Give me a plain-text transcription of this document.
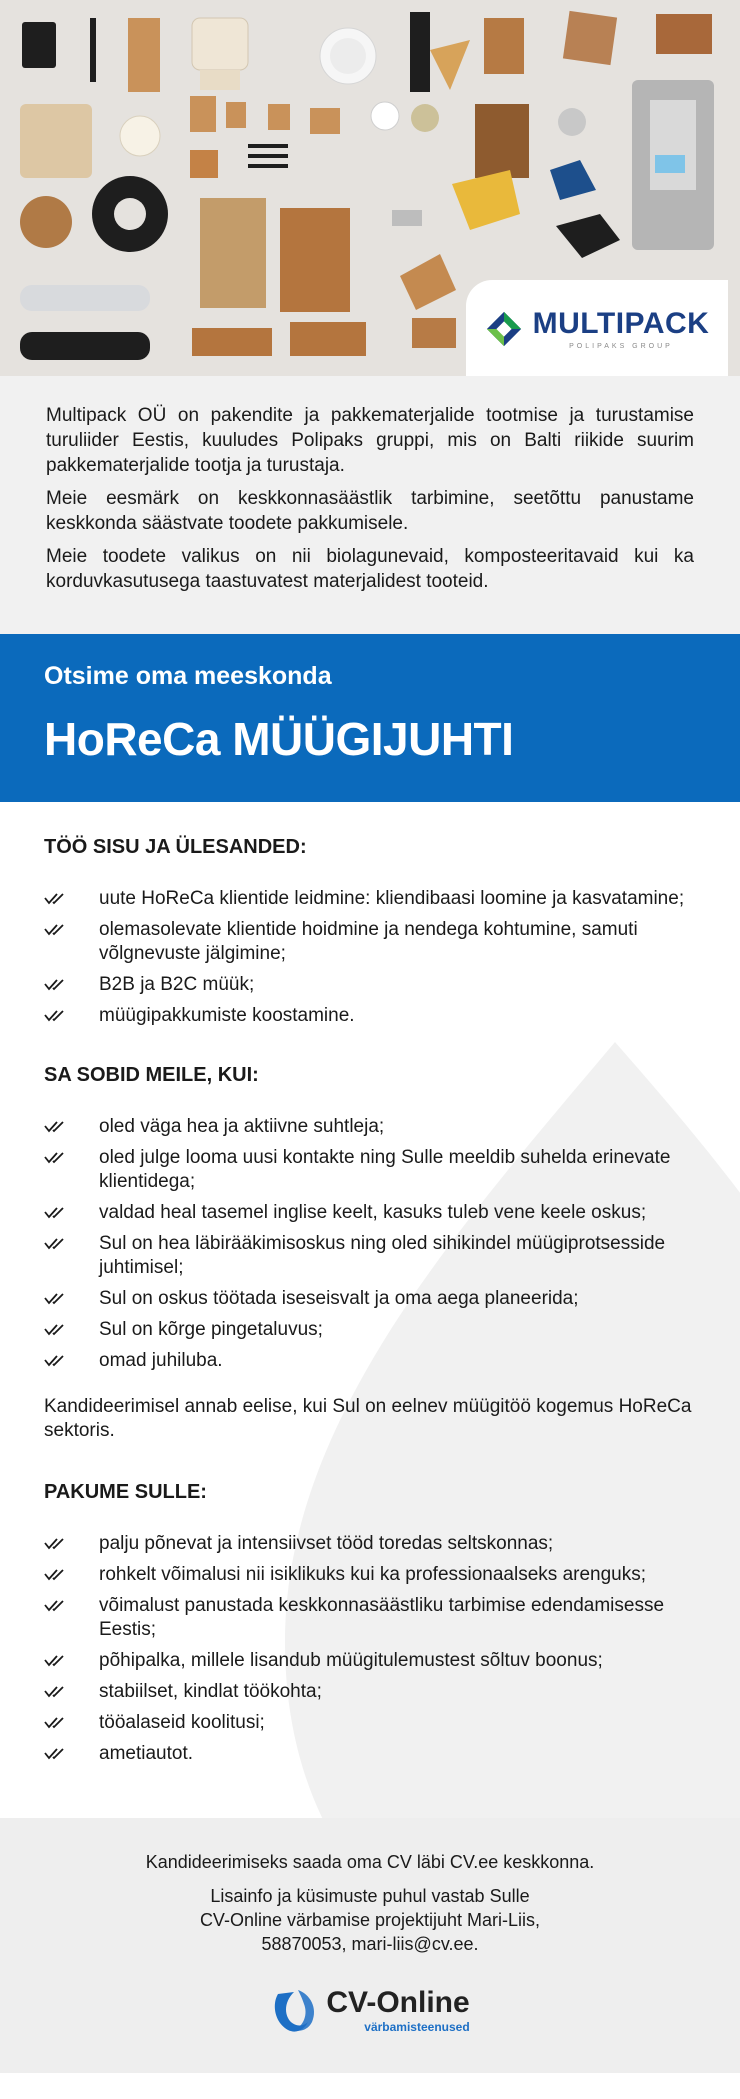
MULTIPACK
POLIPAKS GROUP

Multipack OÜ on pakendite ja pakkematerjalide tootmise ja turustamise turuliider Eestis, kuuludes Polipaks gruppi, mis on Balti riikide suurim pakkematerjalide tootja ja turustaja.

Meie eesmärk on keskkonnasäästlik tarbimine, seetõttu panustame keskkonda säästvate toodete pakkumisele.

Meie toodete valikus on nii biolagunevaid, komposteeritavaid kui ka korduvkasutusega taastuvatest materjalidest tooteid.

Otsime oma meeskonda
HoReCa MÜÜGIJUHTI
TÖÖ SISU JA ÜLESANDED:
uute HoReCa klientide leidmine: kliendibaasi loomine ja kasvatamine;
olemasolevate klientide hoidmine ja nendega kohtumine, samuti võlgnevuste jälgimine;
B2B ja B2C müük;
müügipakkumiste koostamine.
SA SOBID MEILE, KUI:
oled väga hea ja aktiivne suhtleja;
oled julge looma uusi kontakte ning Sulle meeldib suhelda erinevate klientidega;
valdad heal tasemel inglise keelt, kasuks tuleb vene keele oskus;
Sul on hea läbirääkimisoskus ning oled sihikindel müügiprotsesside juhtimisel;
Sul on oskus töötada iseseisvalt ja oma aega planeerida;
Sul on kõrge pingetaluvus;
omad juhiluba.

Kandideerimisel annab eelise, kui Sul on eelnev müügitöö kogemus HoReCa sektoris.

PAKUME SULLE:
palju põnevat ja intensiivset tööd toredas seltskonnas;
rohkelt võimalusi nii isiklikuks kui ka professionaalseks arenguks;
võimalust panustada keskkonnasäästliku tarbimise edendamisesse Eestis;
põhipalka, millele lisandub müügitulemustest sõltuv boonus;
stabiilset, kindlat töökohta;
tööalaseid koolitusi;
ametiautot.

Kandideerimiseks saada oma CV läbi CV.ee keskkonna.

Lisainfo ja küsimuste puhul vastab Sulle

CV-Online värbamise projektijuht Mari-Liis,

58870053, mari-liis@cv.ee.

CV-Online
värbamisteenused
